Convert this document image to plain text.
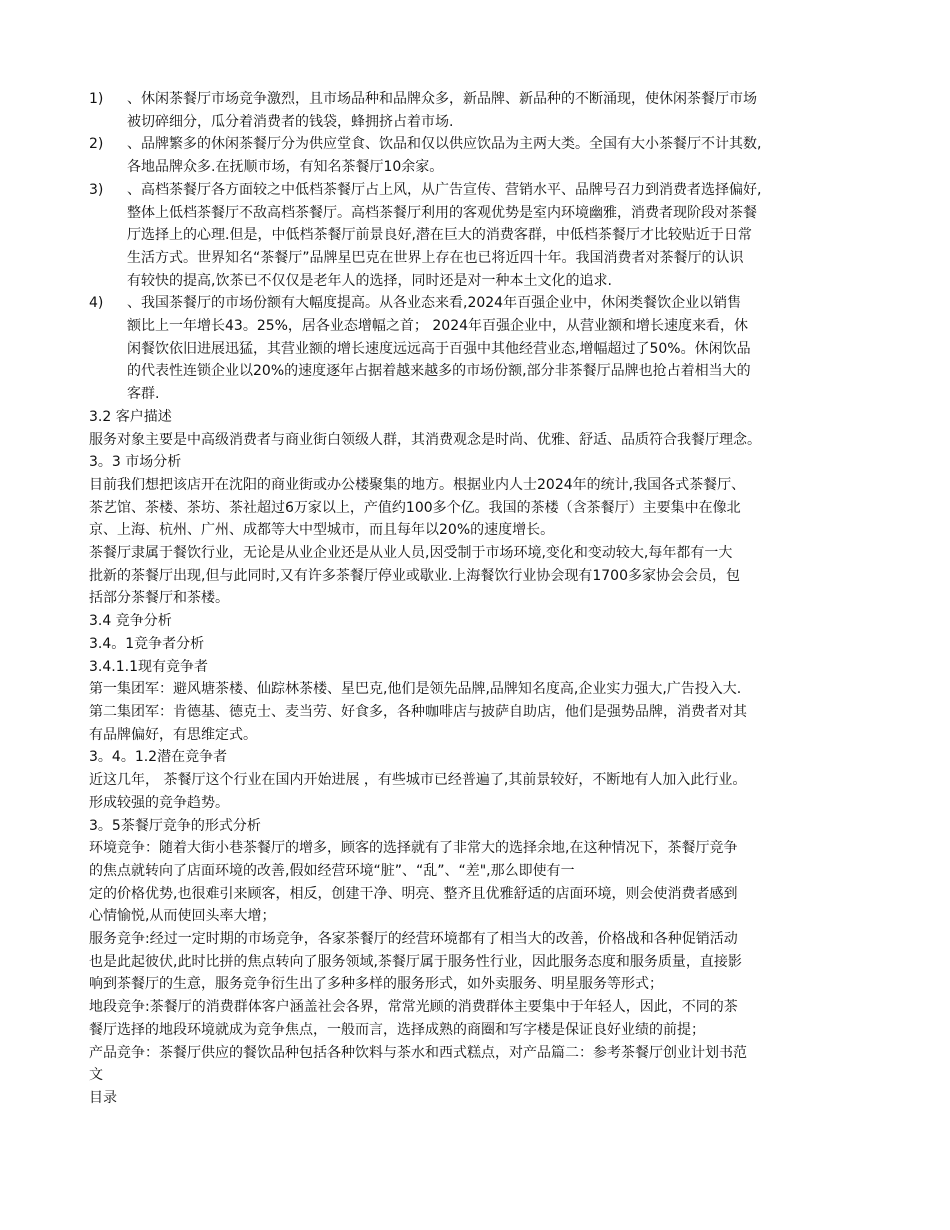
1)	、休闲茶餐厅市场竞争激烈，且市场品种和品牌众多，新品牌、新品种的不断涌现，使休闲茶餐厅市场
被切碎细分，瓜分着消费者的钱袋，蜂拥挤占着市场.
2)	、品牌繁多的休闲茶餐厅分为供应堂食、饮品和仅以供应饮品为主两大类。全国有大小茶餐厅不计其数,
各地品牌众多.在抚顺市场，有知名茶餐厅10余家。
3)	、高档茶餐厅各方面较之中低档茶餐厅占上风，从广告宣传、营销水平、品牌号召力到消费者选择偏好,
整体上低档茶餐厅不敌高档茶餐厅。高档茶餐厅利用的客观优势是室内环境幽雅，消费者现阶段对茶餐
厅选择上的心理.但是，中低档茶餐厅前景良好,潜在巨大的消费客群，中低档茶餐厅才比较贴近于日常
生活方式。世界知名“茶餐厅”品牌星巴克在世界上存在也已将近四十年。我国消费者对茶餐厅的认识
有较快的提高,饮茶已不仅仅是老年人的选择，同时还是对一种本土文化的追求.
4)	、我国茶餐厅的市场份额有大幅度提高。从各业态来看,2024年百强企业中，休闲类餐饮企业以销售
额比上一年增长43。25%，居各业态增幅之首； 2024年百强企业中，从营业额和增长速度来看，休
闲餐饮依旧进展迅猛，其营业额的增长速度远远高于百强中其他经营业态,增幅超过了50%。休闲饮品
的代表性连锁企业以20%的速度逐年占据着越来越多的市场份额,部分非茶餐厅品牌也抢占着相当大的
客群.
3.2 客户描述
服务对象主要是中高级消费者与商业街白领级人群，其消费观念是时尚、优雅、舒适、品质符合我餐厅理念。
3。3 市场分析
目前我们想把该店开在沈阳的商业街或办公楼聚集的地方。根据业内人士2024年的统计,我国各式茶餐厅、
茶艺馆、茶楼、茶坊、茶社超过6万家以上，产值约100多个亿。我国的茶楼（含茶餐厅）主要集中在像北
京、上海、杭州、广州、成都等大中型城市，而且每年以20%的速度增长。
茶餐厅隶属于餐饮行业，无论是从业企业还是从业人员,因受制于市场环境,变化和变动较大,每年都有一大
批新的茶餐厅出现,但与此同时,又有许多茶餐厅停业或歇业.上海餐饮行业协会现有1700多家协会会员，包
括部分茶餐厅和茶楼。
3.4 竞争分析
3.4。1竞争者分析
3.4.1.1现有竞争者
第一集团军：避风塘茶楼、仙踪林茶楼、星巴克,他们是领先品牌,品牌知名度高,企业实力强大,广告投入大.
第二集团军：肯德基、德克士、麦当劳、好食多，各种咖啡店与披萨自助店，他们是强势品牌，消费者对其
有品牌偏好，有思维定式。
3。4。1.2潜在竞争者
近这几年， 茶餐厅这个行业在国内开始进展 ，有些城市已经普遍了,其前景较好，不断地有人加入此行业。
形成较强的竞争趋势。
3。5茶餐厅竞争的形式分析
环境竞争：随着大街小巷茶餐厅的增多，顾客的选择就有了非常大的选择余地,在这种情况下，茶餐厅竞争
的焦点就转向了店面环境的改善,假如经营环境“脏”、“乱”、“差",那么即使有一
定的价格优势,也很难引来顾客，相反，创建干净、明亮、整齐且优雅舒适的店面环境，则会使消费者感到
心情愉悦,从而使回头率大增；
服务竞争:经过一定时期的市场竞争，各家茶餐厅的经营环境都有了相当大的改善，价格战和各种促销活动
也是此起彼伏,此时比拼的焦点转向了服务领域,茶餐厅属于服务性行业，因此服务态度和服务质量，直接影
响到茶餐厅的生意，服务竞争衍生出了多种多样的服务形式，如外卖服务、明星服务等形式；
地段竞争:茶餐厅的消费群体客户涵盖社会各界，常常光顾的消费群体主要集中于年轻人，因此，不同的茶
餐厅选择的地段环境就成为竞争焦点，一般而言，选择成熟的商圈和写字楼是保证良好业绩的前提；
产品竞争：茶餐厅供应的餐饮品种包括各种饮料与茶水和西式糕点，对产品篇二：参考茶餐厅创业计划书范
文
目录
